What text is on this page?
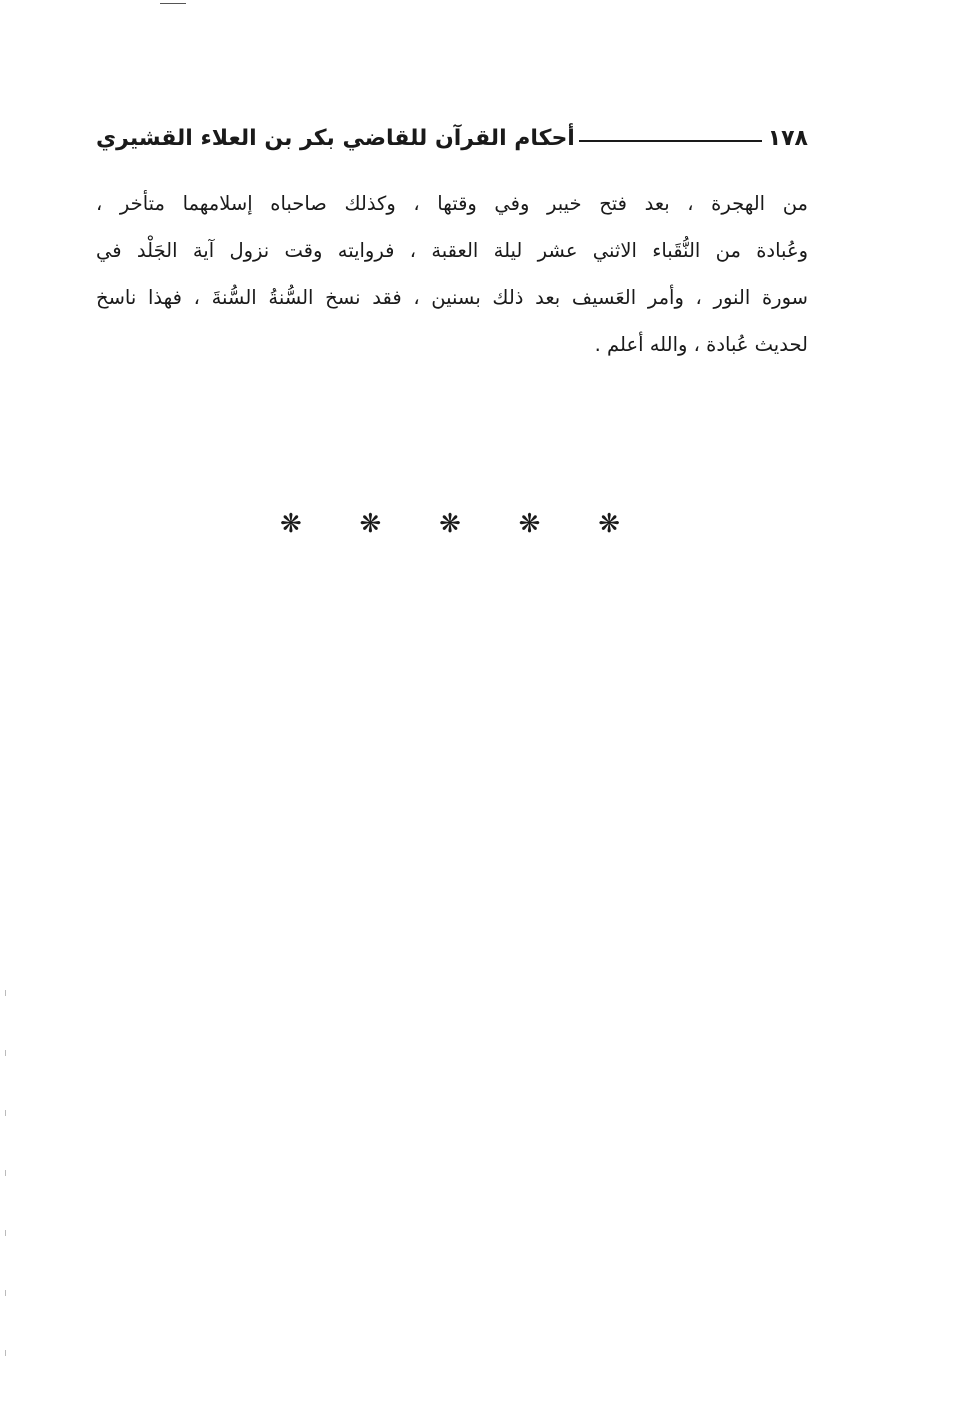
أحكام القرآن للقاضي بكر بن العلاء القشيري	١٧٨
من الهجرة ، بعد فتح خيبر وفي وقتها ، وكذلك صاحباه إسلامهما متأخر ،
وعُبادة من النُّقَباء الاثني عشر ليلة العقبة ، فروايته وقت نزول آية الجَلْد في
سورة النور ، وأمر العَسيف بعد ذلك بسنين ، فقد نسخ السُّنةُ السُّنةَ ، فهذا ناسخ
لحديث عُبادة ، والله أعلم .
❋ ❋ ❋ ❋ ❋
